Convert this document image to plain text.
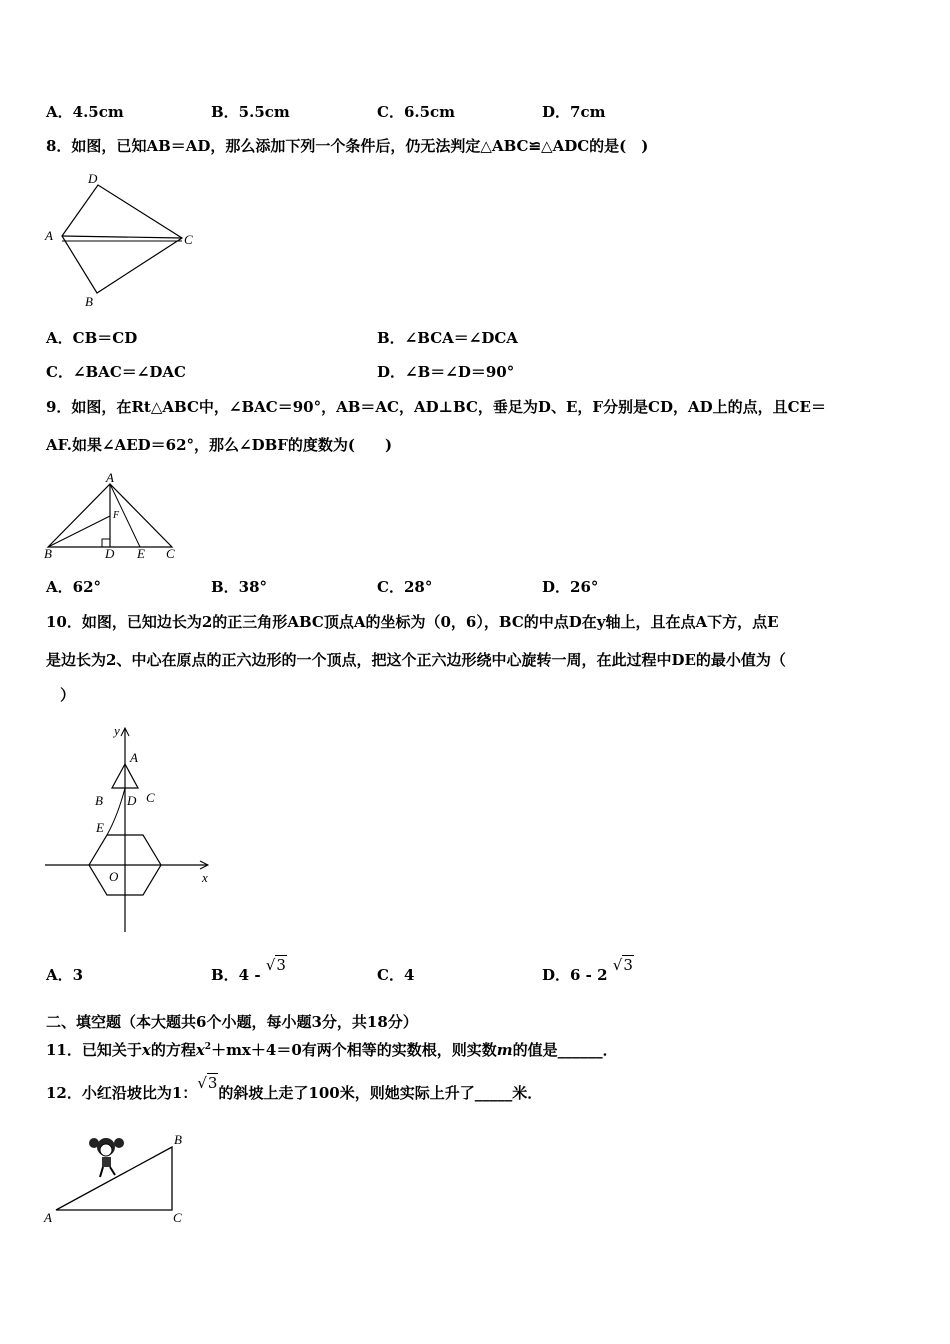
A．4.5cm	B．5.5cm	C．6.5cm	D．7cm
8．如图，已知AB＝AD，那么添加下列一个条件后，仍无法判定△ABC≌△ADC的是(　)
D
A	C
B
A．CB＝CD	B．∠BCA＝∠DCA
C．∠BAC＝∠DAC	D．∠B＝∠D＝90°
9．如图，在Rt△ABC中，∠BAC＝90°，AB＝AC，AD⊥BC，垂足为D、E，F分别是CD，AD上的点，且CE＝
AF.如果∠AED＝62°，那么∠DBF的度数为(　　)
A
F
B	D E C
A．62°	B．38°	C．28°	D．26°
10．如图，已知边长为2的正三角形ABC顶点A的坐标为（0，6），BC的中点D在y轴上，且在点A下方，点E
是边长为2、中心在原点的正六边形的一个顶点，把这个正六边形绕中心旋转一周，在此过程中DE的最小值为（
）
y
x
A
B D C
E
O
A．3	B．4 - √3
C．4	D．6 - 2 √3
二、填空题（本大题共6个小题，每小题3分，共18分）
11．已知关于x的方程$x^2+mx+4=0$有两个相等的实数根，则实数m的值是______．
12．小红沿坡比为1：√3的斜坡上走了100米，则她实际上升了_____米．
A
B
C
